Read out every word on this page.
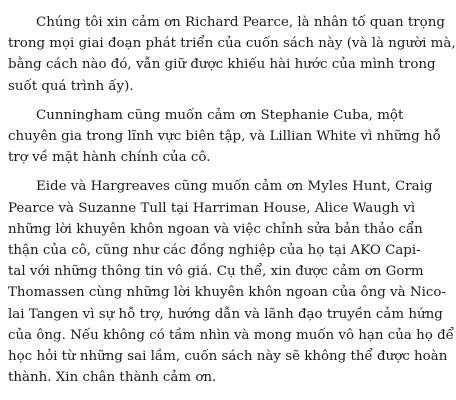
Chúng tôi xin cảm ơn Richard Pearce, là nhân tố quan trọng
trong mọi giai đoạn phát triển của cuốn sách này (và là người mà,
bằng cách nào đó, vẫn giữ được khiếu hài hước của mình trong
suốt quá trình ấy).

Cunningham cũng muốn cảm ơn Stephanie Cuba, một
chuyên gia trong lĩnh vực biên tập, và Lillian White vì những hỗ
trợ về mặt hành chính của cô.

Eide và Hargreaves cũng muốn cảm ơn Myles Hunt, Craig
Pearce và Suzanne Tull tại Harriman House, Alice Waugh vì
những lời khuyên khôn ngoan và việc chỉnh sửa bản thảo cẩn
thận của cô, cũng như các đồng nghiệp của họ tại AKO Capi-
tal với những thông tin vô giá. Cụ thể, xin được cảm ơn Gorm
Thomassen cùng những lời khuyên khôn ngoan của ông và Nico-
lai Tangen vì sự hỗ trợ, hướng dẫn và lãnh đạo truyền cảm hứng
của ông. Nếu không có tầm nhìn và mong muốn vô hạn của họ để
học hỏi từ những sai lầm, cuốn sách này sẽ không thể được hoàn
thành. Xin chân thành cảm ơn.
